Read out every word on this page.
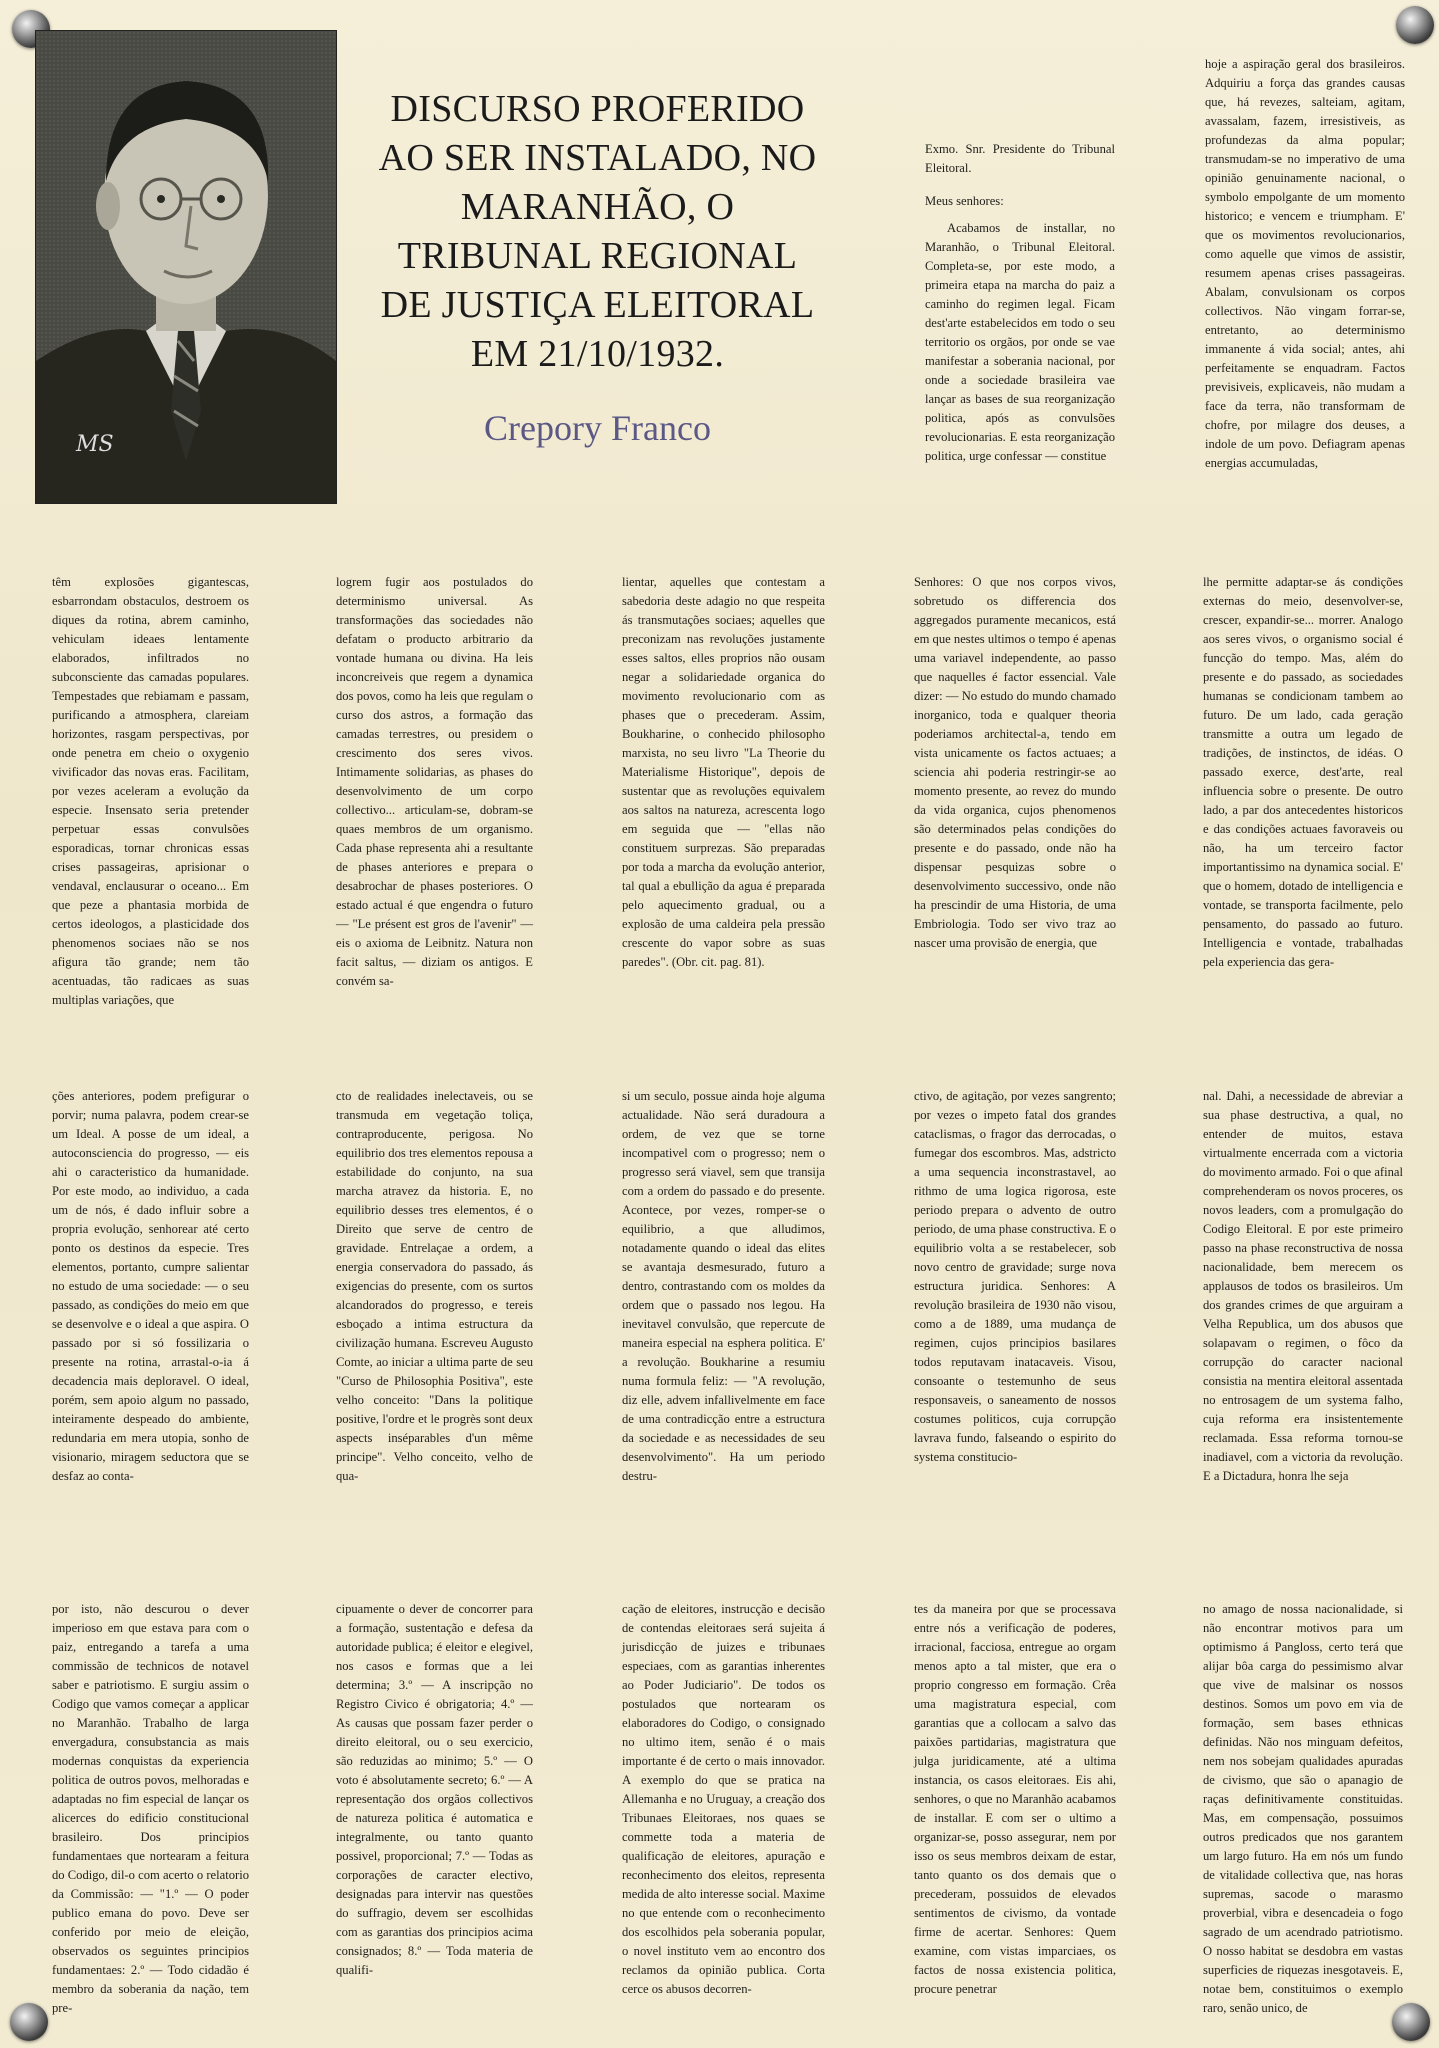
MS
DISCURSO PROFERIDO
AO SER INSTALADO, NO
MARANHÃO, O
TRIBUNAL REGIONAL
DE JUSTIÇA ELEITORAL
EM 21/10/1932.
Crepory Franco

Exmo. Snr. Presidente do Tribunal Eleitoral.

Meus senhores:

Acabamos de installar, no Maranhão, o Tribunal Eleitoral. Completa-se, por este modo, a primeira etapa na marcha do paiz a caminho do regimen legal. Ficam dest'arte estabelecidos em todo o seu territorio os orgãos, por onde se vae manifestar a soberania nacional, por onde a sociedade brasileira vae lançar as bases de sua reorganização politica, após as convulsões revolucionarias. E esta reorganização politica, urge confessar — constitue

hoje a aspiração geral dos brasileiros. Adquiriu a força das grandes causas que, há revezes, salteiam, agitam, avassalam, fazem, irresistiveis, as profundezas da alma popular; transmudam-se no imperativo de uma opinião genuinamente nacional, o symbolo empolgante de um momento historico; e vencem e triumpham. E' que os movimentos revolucionarios, como aquelle que vimos de assistir, resumem apenas crises passageiras. Abalam, convulsionam os corpos collectivos. Não vingam forrar-se, entretanto, ao determinismo immanente á vida social; antes, ahi perfeitamente se enquadram. Factos previsiveis, explicaveis, não mudam a face da terra, não transformam de chofre, por milagre dos deuses, a indole de um povo. Defiagram apenas energias accumuladas,

têm explosões gigantescas, esbarrondam obstaculos, destroem os diques da rotina, abrem caminho, vehiculam ideaes lentamente elaborados, infiltrados no subconsciente das camadas populares. Tempestades que rebiamam e passam, purificando a atmosphera, clareiam horizontes, rasgam perspectivas, por onde penetra em cheio o oxygenio vivificador das novas eras. Facilitam, por vezes aceleram a evolução da especie. Insensato seria pretender perpetuar essas convulsões esporadicas, tornar chronicas essas crises passageiras, aprisionar o vendaval, enclausurar o oceano... Em que peze a phantasia morbida de certos ideologos, a plasticidade dos phenomenos sociaes não se nos afigura tão grande; nem tão acentuadas, tão radicaes as suas multiplas variações, que

logrem fugir aos postulados do determinismo universal. As transformações das sociedades não defatam o producto arbitrario da vontade humana ou divina. Ha leis inconcreiveis que regem a dynamica dos povos, como ha leis que regulam o curso dos astros, a formação das camadas terrestres, ou presidem o crescimento dos seres vivos. Intimamente solidarias, as phases do desenvolvimento de um corpo collectivo... articulam-se, dobram-se quaes membros de um organismo. Cada phase representa ahi a resultante de phases anteriores e prepara o desabrochar de phases posteriores. O estado actual é que engendra o futuro — "Le présent est gros de l'avenir" — eis o axioma de Leibnitz. Natura non facit saltus, — diziam os antigos. E convém sa-

lientar, aquelles que contestam a sabedoria deste adagio no que respeita ás transmutações sociaes; aquelles que preconizam nas revoluções justamente esses saltos, elles proprios não ousam negar a solidariedade organica do movimento revolucionario com as phases que o precederam. Assim, Boukharine, o conhecido philosopho marxista, no seu livro "La Theorie du Materialisme Historique", depois de sustentar que as revoluções equivalem aos saltos na natureza, acrescenta logo em seguida que — "ellas não constituem surprezas. São preparadas por toda a marcha da evolução anterior, tal qual a ebullição da agua é preparada pelo aquecimento gradual, ou a explosão de uma caldeira pela pressão crescente do vapor sobre as suas paredes". (Obr. cit. pag. 81).

Senhores: O que nos corpos vivos, sobretudo os differencia dos aggregados puramente mecanicos, está em que nestes ultimos o tempo é apenas uma variavel independente, ao passo que naquelles é factor essencial. Vale dizer: — No estudo do mundo chamado inorganico, toda e qualquer theoria poderiamos architectal-a, tendo em vista unicamente os factos actuaes; a sciencia ahi poderia restringir-se ao momento presente, ao revez do mundo da vida organica, cujos phenomenos são determinados pelas condições do presente e do passado, onde não ha dispensar pesquizas sobre o desenvolvimento successivo, onde não ha prescindir de uma Historia, de uma Embriologia. Todo ser vivo traz ao nascer uma provisão de energia, que

lhe permitte adaptar-se ás condições externas do meio, desenvolver-se, crescer, expandir-se... morrer. Analogo aos seres vivos, o organismo social é funcção do tempo. Mas, além do presente e do passado, as sociedades humanas se condicionam tambem ao futuro. De um lado, cada geração transmitte a outra um legado de tradições, de instinctos, de idéas. O passado exerce, dest'arte, real influencia sobre o presente. De outro lado, a par dos antecedentes historicos e das condições actuaes favoraveis ou não, ha um terceiro factor importantissimo na dynamica social. E' que o homem, dotado de intelligencia e vontade, se transporta facilmente, pelo pensamento, do passado ao futuro. Intelligencia e vontade, trabalhadas pela experiencia das gera-

ções anteriores, podem prefigurar o porvir; numa palavra, podem crear-se um Ideal. A posse de um ideal, a autoconsciencia do progresso, — eis ahi o caracteristico da humanidade. Por este modo, ao individuo, a cada um de nós, é dado influir sobre a propria evolução, senhorear até certo ponto os destinos da especie. Tres elementos, portanto, cumpre salientar no estudo de uma sociedade: — o seu passado, as condições do meio em que se desenvolve e o ideal a que aspira. O passado por si só fossilizaria o presente na rotina, arrastal-o-ia á decadencia mais deploravel. O ideal, porém, sem apoio algum no passado, inteiramente despeado do ambiente, redundaria em mera utopia, sonho de visionario, miragem seductora que se desfaz ao conta-

cto de realidades inelectaveis, ou se transmuda em vegetação toliça, contraproducente, perigosa. No equilibrio dos tres elementos repousa a estabilidade do conjunto, na sua marcha atravez da historia. E, no equilibrio desses tres elementos, é o Direito que serve de centro de gravidade. Entrelaçae a ordem, a energia conservadora do passado, ás exigencias do presente, com os surtos alcandorados do progresso, e tereis esboçado a intima estructura da civilização humana. Escreveu Augusto Comte, ao iniciar a ultima parte de seu "Curso de Philosophia Positiva", este velho conceito: "Dans la politique positive, l'ordre et le progrès sont deux aspects inséparables d'un même principe". Velho conceito, velho de qua-

si um seculo, possue ainda hoje alguma actualidade. Não será duradoura a ordem, de vez que se torne incompativel com o progresso; nem o progresso será viavel, sem que transija com a ordem do passado e do presente. Acontece, por vezes, romper-se o equilibrio, a que alludimos, notadamente quando o ideal das elites se avantaja desmesurado, futuro a dentro, contrastando com os moldes da ordem que o passado nos legou. Ha inevitavel convulsão, que repercute de maneira especial na esphera politica. E' a revolução. Boukharine a resumiu numa formula feliz: — "A revolução, diz elle, advem infallivelmente em face de uma contradicção entre a estructura da sociedade e as necessidades de seu desenvolvimento". Ha um periodo destru-

ctivo, de agitação, por vezes sangrento; por vezes o impeto fatal dos grandes cataclismas, o fragor das derrocadas, o fumegar dos escombros. Mas, adstricto a uma sequencia inconstrastavel, ao rithmo de uma logica rigorosa, este periodo prepara o advento de outro periodo, de uma phase constructiva. E o equilibrio volta a se restabelecer, sob novo centro de gravidade; surge nova estructura juridica. Senhores: A revolução brasileira de 1930 não visou, como a de 1889, uma mudança de regimen, cujos principios basilares todos reputavam inatacaveis. Visou, consoante o testemunho de seus responsaveis, o saneamento de nossos costumes politicos, cuja corrupção lavrava fundo, falseando o espirito do systema constitucio-

nal. Dahi, a necessidade de abreviar a sua phase destructiva, a qual, no entender de muitos, estava virtualmente encerrada com a victoria do movimento armado. Foi o que afinal comprehenderam os novos proceres, os novos leaders, com a promulgação do Codigo Eleitoral. E por este primeiro passo na phase reconstructiva de nossa nacionalidade, bem merecem os applausos de todos os brasileiros. Um dos grandes crimes de que arguiram a Velha Republica, um dos abusos que solapavam o regimen, o fôco da corrupção do caracter nacional consistia na mentira eleitoral assentada no entrosagem de um systema falho, cuja reforma era insistentemente reclamada. Essa reforma tornou-se inadiavel, com a victoria da revolução. E a Dictadura, honra lhe seja

por isto, não descurou o dever imperioso em que estava para com o paiz, entregando a tarefa a uma commissão de technicos de notavel saber e patriotismo. E surgiu assim o Codigo que vamos começar a applicar no Maranhão. Trabalho de larga envergadura, consubstancia as mais modernas conquistas da experiencia politica de outros povos, melhoradas e adaptadas no fim especial de lançar os alicerces do edificio constitucional brasileiro. Dos principios fundamentaes que nortearam a feitura do Codigo, dil-o com acerto o relatorio da Commissão: — "1.º — O poder publico emana do povo. Deve ser conferido por meio de eleição, observados os seguintes principios fundamentaes: 2.º — Todo cidadão é membro da soberania da nação, tem pre-

cipuamente o dever de concorrer para a formação, sustentação e defesa da autoridade publica; é eleitor e elegivel, nos casos e formas que a lei determina; 3.º — A inscripção no Registro Civico é obrigatoria; 4.º — As causas que possam fazer perder o direito eleitoral, ou o seu exercicio, são reduzidas ao minimo; 5.º — O voto é absolutamente secreto; 6.º — A representação dos orgãos collectivos de natureza politica é automatica e integralmente, ou tanto quanto possivel, proporcional; 7.º — Todas as corporações de caracter electivo, designadas para intervir nas questões do suffragio, devem ser escolhidas com as garantias dos principios acima consignados; 8.º — Toda materia de qualifi-

cação de eleitores, instrucção e decisão de contendas eleitoraes será sujeita á jurisdicção de juizes e tribunaes especiaes, com as garantias inherentes ao Poder Judiciario". De todos os postulados que nortearam os elaboradores do Codigo, o consignado no ultimo item, senão é o mais importante é de certo o mais innovador. A exemplo do que se pratica na Allemanha e no Uruguay, a creação dos Tribunaes Eleitoraes, nos quaes se commette toda a materia de qualificação de eleitores, apuração e reconhecimento dos eleitos, representa medida de alto interesse social. Maxime no que entende com o reconhecimento dos escolhidos pela soberania popular, o novel instituto vem ao encontro dos reclamos da opinião publica. Corta cerce os abusos decorren-

tes da maneira por que se processava entre nós a verificação de poderes, irracional, facciosa, entregue ao orgam menos apto a tal mister, que era o proprio congresso em formação. Crêa uma magistratura especial, com garantias que a collocam a salvo das paixões partidarias, magistratura que julga juridicamente, até a ultima instancia, os casos eleitoraes. Eis ahi, senhores, o que no Maranhão acabamos de installar. E com ser o ultimo a organizar-se, posso assegurar, nem por isso os seus membros deixam de estar, tanto quanto os dos demais que o precederam, possuidos de elevados sentimentos de civismo, da vontade firme de acertar. Senhores: Quem examine, com vistas imparciaes, os factos de nossa existencia politica, procure penetrar

no amago de nossa nacionalidade, si não encontrar motivos para um optimismo á Pangloss, certo terá que alijar bôa carga do pessimismo alvar que vive de malsinar os nossos destinos. Somos um povo em via de formação, sem bases ethnicas definidas. Não nos minguam defeitos, nem nos sobejam qualidades apuradas de civismo, que são o apanagio de raças definitivamente constituidas. Mas, em compensação, possuimos outros predicados que nos garantem um largo futuro. Ha em nós um fundo de vitalidade collectiva que, nas horas supremas, sacode o marasmo proverbial, vibra e desencadeia o fogo sagrado de um acendrado patriotismo. O nosso habitat se desdobra em vastas superficies de riquezas inesgotaveis. E, notae bem, constituimos o exemplo raro, senão unico, de
